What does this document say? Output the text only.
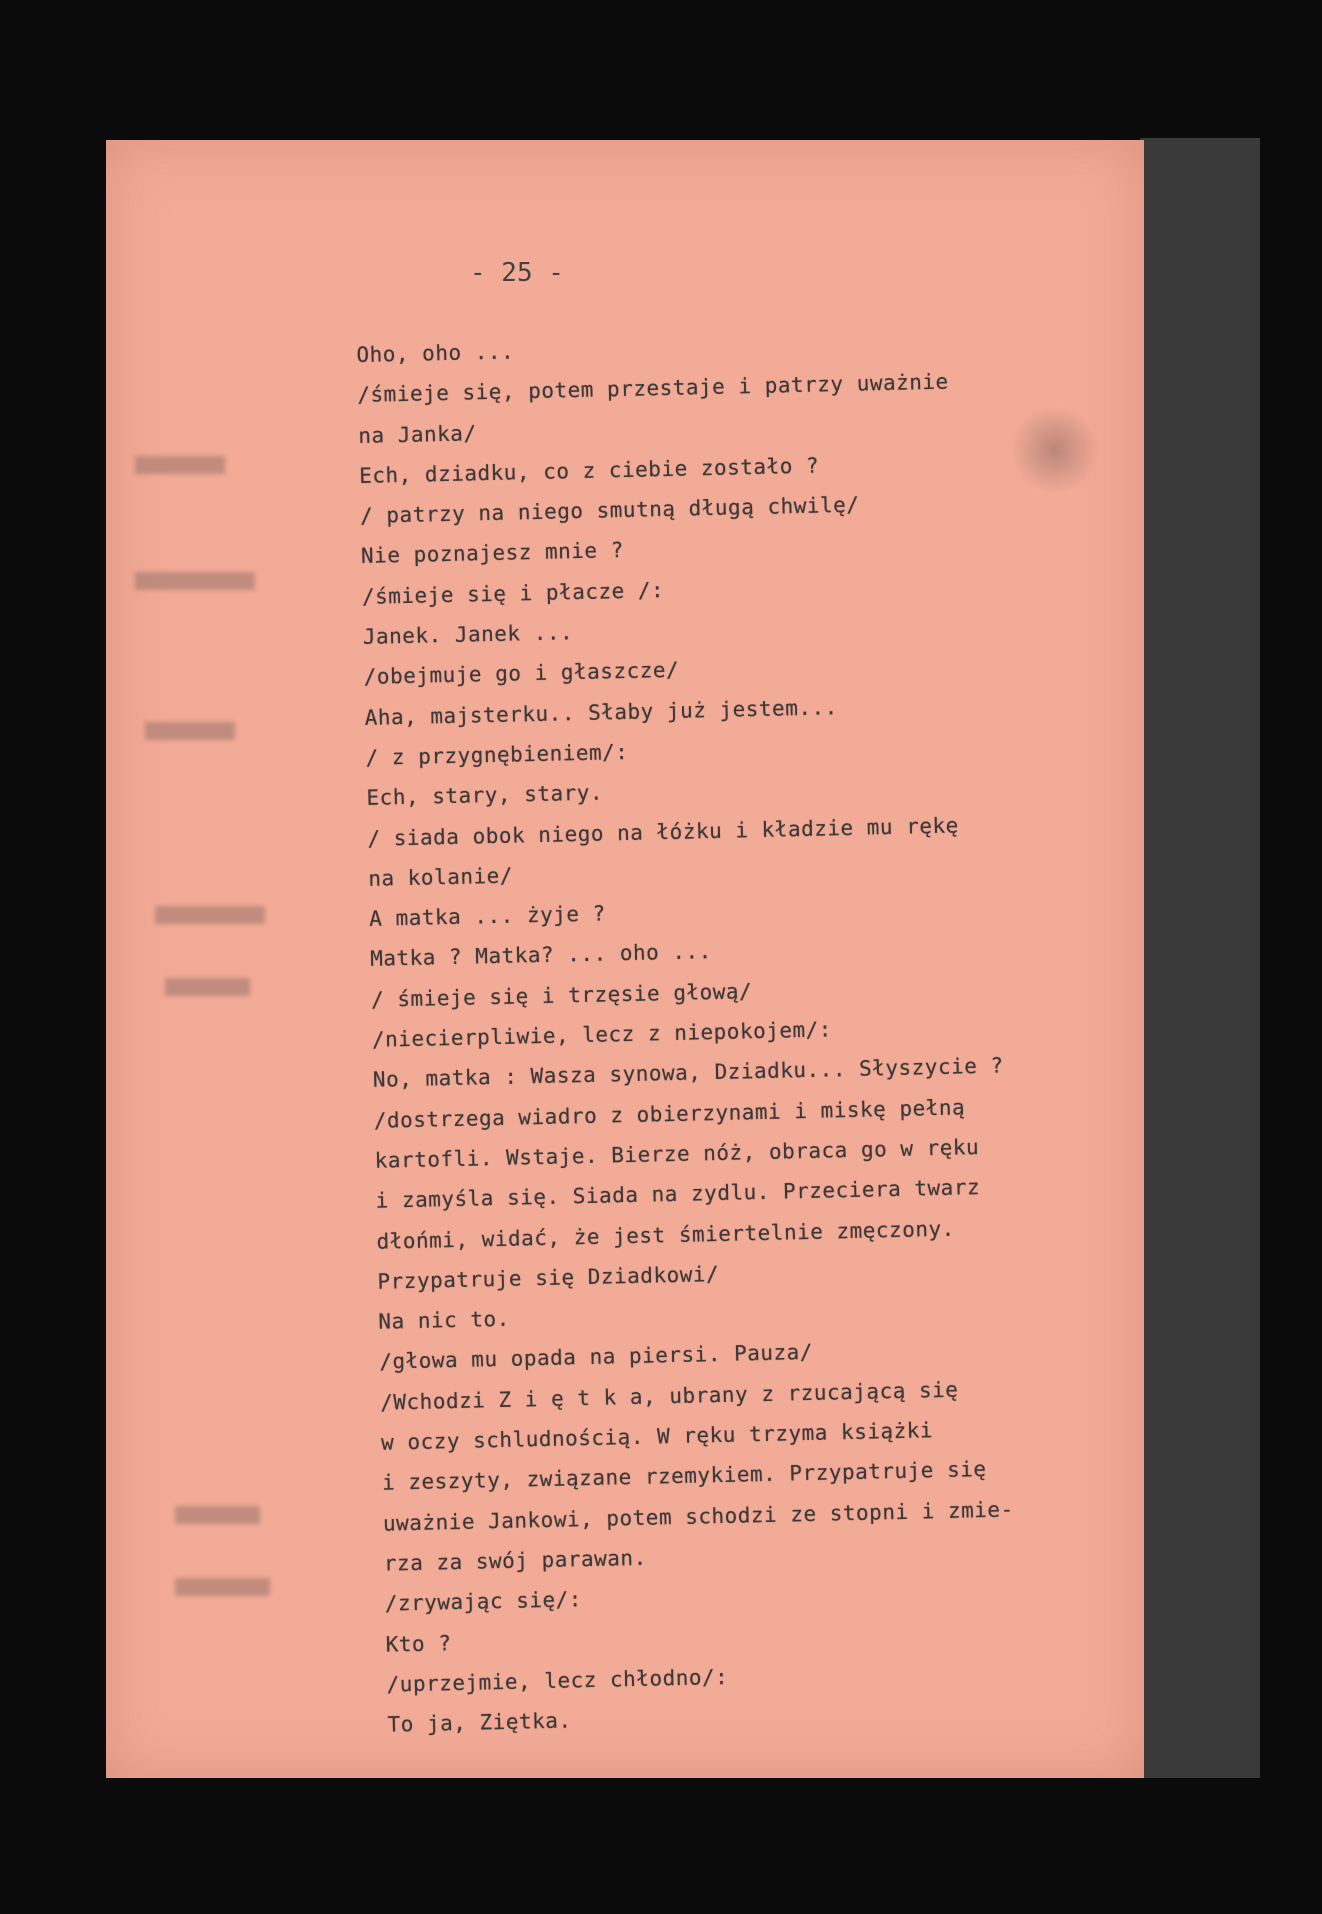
- 25 -
Oho, oho ...
/śmieje się, potem przestaje i patrzy uważnie
na Janka/
Ech, dziadku, co z ciebie zostało ?
/ patrzy na niego smutną długą chwilę/
Nie poznajesz mnie ?
/śmieje się i płacze /:
Janek. Janek ...
/obejmuje go i głaszcze/
Aha, majsterku.. Słaby już jestem...
/ z przygnębieniem/:
Ech, stary, stary.
/ siada obok niego na łóżku i kładzie mu rękę
na kolanie/
A matka ... żyje ?
Matka ? Matka? ... oho ...
/ śmieje się i trzęsie głową/
/niecierpliwie, lecz z niepokojem/:
No, matka : Wasza synowa, Dziadku... Słyszycie ?
/dostrzega wiadro z obierzynami i miskę pełną
kartofli. Wstaje. Bierze nóż, obraca go w ręku
i zamyśla się. Siada na zydlu. Przeciera twarz
dłońmi, widać, że jest śmiertelnie zmęczony.
Przypatruje się Dziadkowi/
Na nic to.
/głowa mu opada na piersi. Pauza/
/Wchodzi Z i ę t k a, ubrany z rzucającą się
w oczy schludnością. W ręku trzyma książki
i zeszyty, związane rzemykiem. Przypatruje się
uważnie Jankowi, potem schodzi ze stopni i zmie-
rza za swój parawan.
/zrywając się/:
Kto ?
/uprzejmie, lecz chłodno/:
To ja, Ziętka.
